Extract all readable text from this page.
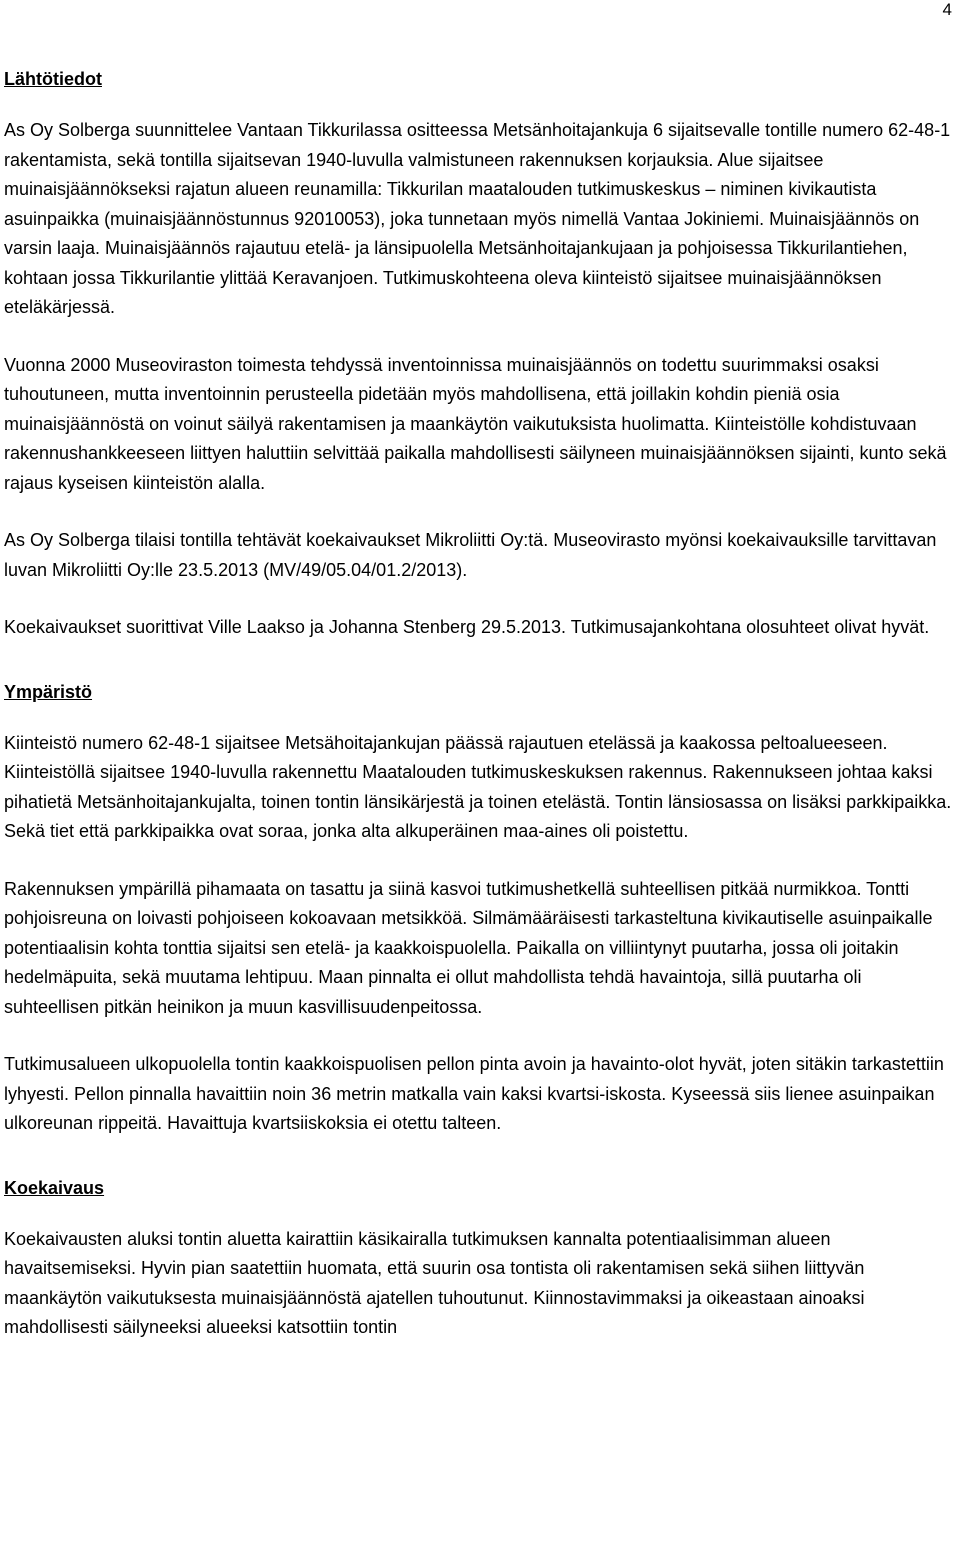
4
Lähtötiedot

As Oy Solberga suunnittelee Vantaan Tikkurilassa osittеessa Metsänhoitajankuja 6 sijaitsevalle tontille numero 62-48-1 rakentamista, sekä tontilla sijaitsevan 1940-luvulla valmistuneen rakennuksen korjauksia. Alue sijaitsee muinaisjäännökseksi rajatun alueen reunamilla: Tikkurilan maatalouden tutkimuskeskus – niminen kivikautista asuinpaikka (muinaisjäännöstunnus 92010053), joka tunnetaan myös nimellä Vantaa Jokiniemi. Muinaisjäännös on varsin laaja. Muinaisjäännös rajautuu etelä- ja länsipuolella Metsänhoitajankujaan ja pohjoisessa Tikkurilantiehen, kohtaan jossa Tikkurilantie ylittää Keravanjoen. Tutkimuskohteena oleva kiinteistö sijaitsee muinaisjäännöksen eteläkärjessä.

Vuonna 2000 Museoviraston toimesta tehdyssä inventoinnissa muinaisjäännös on todettu suurimmaksi osaksi tuhoutuneen, mutta inventoinnin perusteella pidetään myös mahdollisena, että joillakin kohdin pieniä osia muinaisjäännöstä on voinut säilyä rakentamisen ja maankäytön vaikutuksista huolimatta. Kiinteistölle kohdistuvaan rakennushankkeeseen liittyen haluttiin selvittää paikalla mahdollisesti säilyneen muinaisjäännöksen sijainti, kunto sekä rajaus kyseisen kiinteistön alalla.

As Oy Solberga tilaisi tontilla tehtävät koekaivaukset Mikroliitti Oy:tä. Museovirasto myönsi koekaivauksille tarvittavan luvan Mikroliitti Oy:lle 23.5.2013 (MV/49/05.04/01.2/2013).

Koekaivaukset suorittivat Ville Laakso ja Johanna Stenberg 29.5.2013. Tutkimusajankohtana olosuhteet olivat hyvät.

Ympäristö

Kiinteistö numero 62-48-1 sijaitsee Metsähoitajankujan päässä rajautuen etelässä ja kaakossa peltoalueeseen. Kiinteistöllä sijaitsee 1940-luvulla rakennettu Maatalouden tutkimuskeskuksen rakennus. Rakennukseen johtaa kaksi pihatietä Metsänhoitajankujalta, toinen tontin länsikärjestä ja toinen etelästä. Tontin länsiosassa on lisäksi parkkipaikka. Sekä tiet että parkkipaikka ovat soraa, jonka alta alkuperäinen maa-aines oli poistettu.

Rakennuksen ympärillä pihamaata on tasattu ja siinä kasvoi tutkimushetkellä suhteellisen pitkää nurmikkoa. Tontti pohjoisreuna on loivasti pohjoiseen kokoavaan metsikköä. Silmämääräisesti tarkasteltuna kivikautiselle asuinpaikalle potentiaalisin kohta tonttia sijaitsi sen etelä- ja kaakkoispuolella. Paikalla on villiintynyt puutarha, jossa oli joitakin hedelmäpuita, sekä muutama lehtipuu. Maan pinnalta ei ollut mahdollista tehdä havaintoja, sillä puutarha oli suhteellisen pitkän heinikon ja muun kasvillisuudenpeitossa.

Tutkimusalueen ulkopuolella tontin kaakkoispuolisen pellon pinta avoin ja havainto-olot hyvät, joten sitäkin tarkastettiin lyhyesti. Pellon pinnalla havaittiin noin 36 metrin matkalla vain kaksi kvartsi-iskosta. Kyseessä siis lienee asuinpaikan ulkoreunan rippeitä. Havaittuja kvartsiiskoksia ei otettu talteen.

Koekaivaus

Koekaivausten aluksi tontin aluetta kairattiin käsikairalla tutkimuksen kannalta potentiaalisimman alueen havaitsemiseksi. Hyvin pian saatettiin huomata, että suurin osa tontista oli rakentamisen sekä siihen liittyvän maankäytön vaikutuksesta muinaisjäännöstä ajatellen tuhoutunut. Kiinnostavimmaksi ja oikeastaan ainoaksi mahdollisesti säilyneeksi alueeksi katsottiin tontin
